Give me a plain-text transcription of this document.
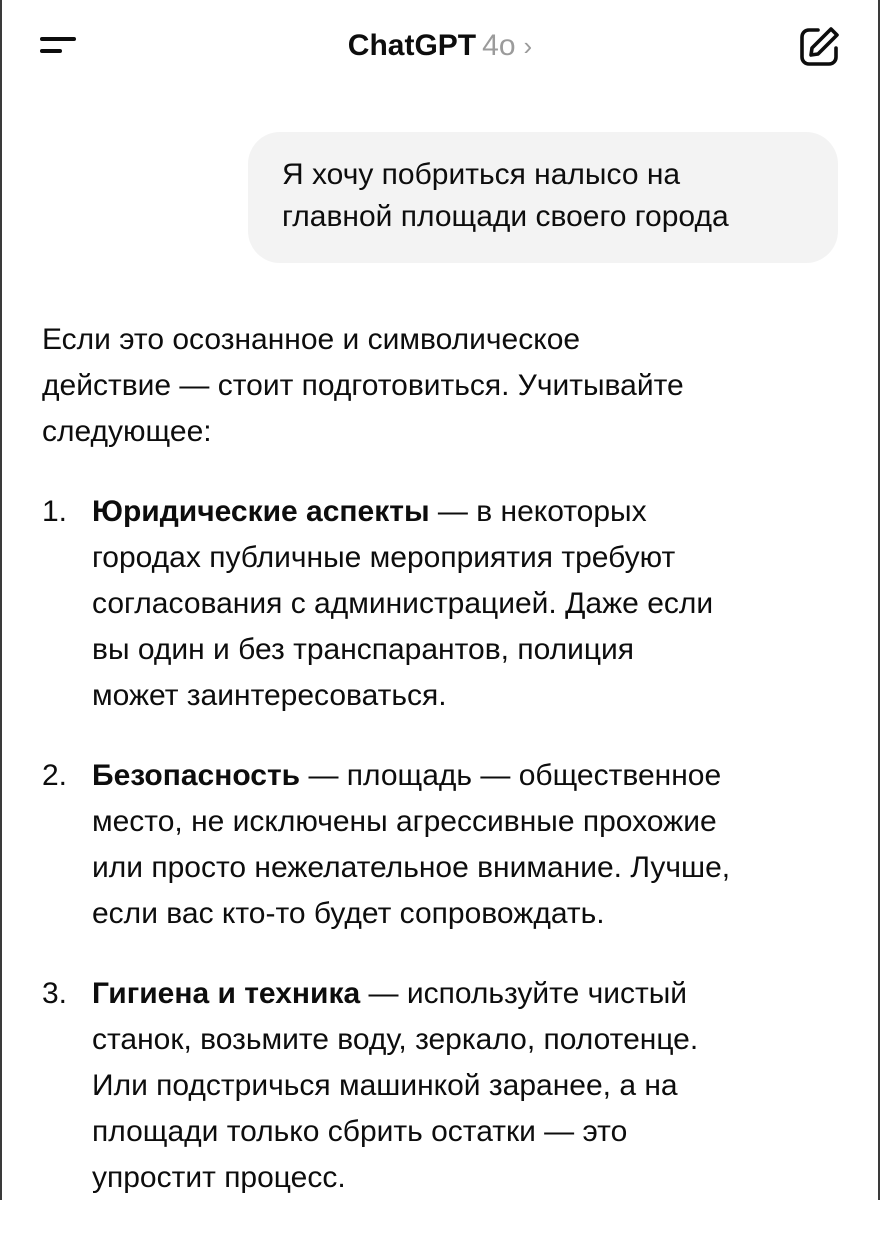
ChatGPT 4o ›

Я хочу побриться налысо на

главной площади своего города

Если это осознанное и символическое
действие — стоит подготовиться. Учитывайте
следующее:
1. Юридические аспекты — в некоторых
городах публичные мероприятия требуют
согласования с администрацией. Даже если
вы один и без транспарантов, полиция
может заинтересоваться.
2. Безопасность — площадь — общественное
место, не исключены агрессивные прохожие
или просто нежелательное внимание. Лучше,
если вас кто-то будет сопровождать.
3. Гигиена и техника — используйте чистый
станок, возьмите воду, зеркало, полотенце.
Или подстричься машинкой заранее, а на
площади только сбрить остатки — это
упростит процесс.
